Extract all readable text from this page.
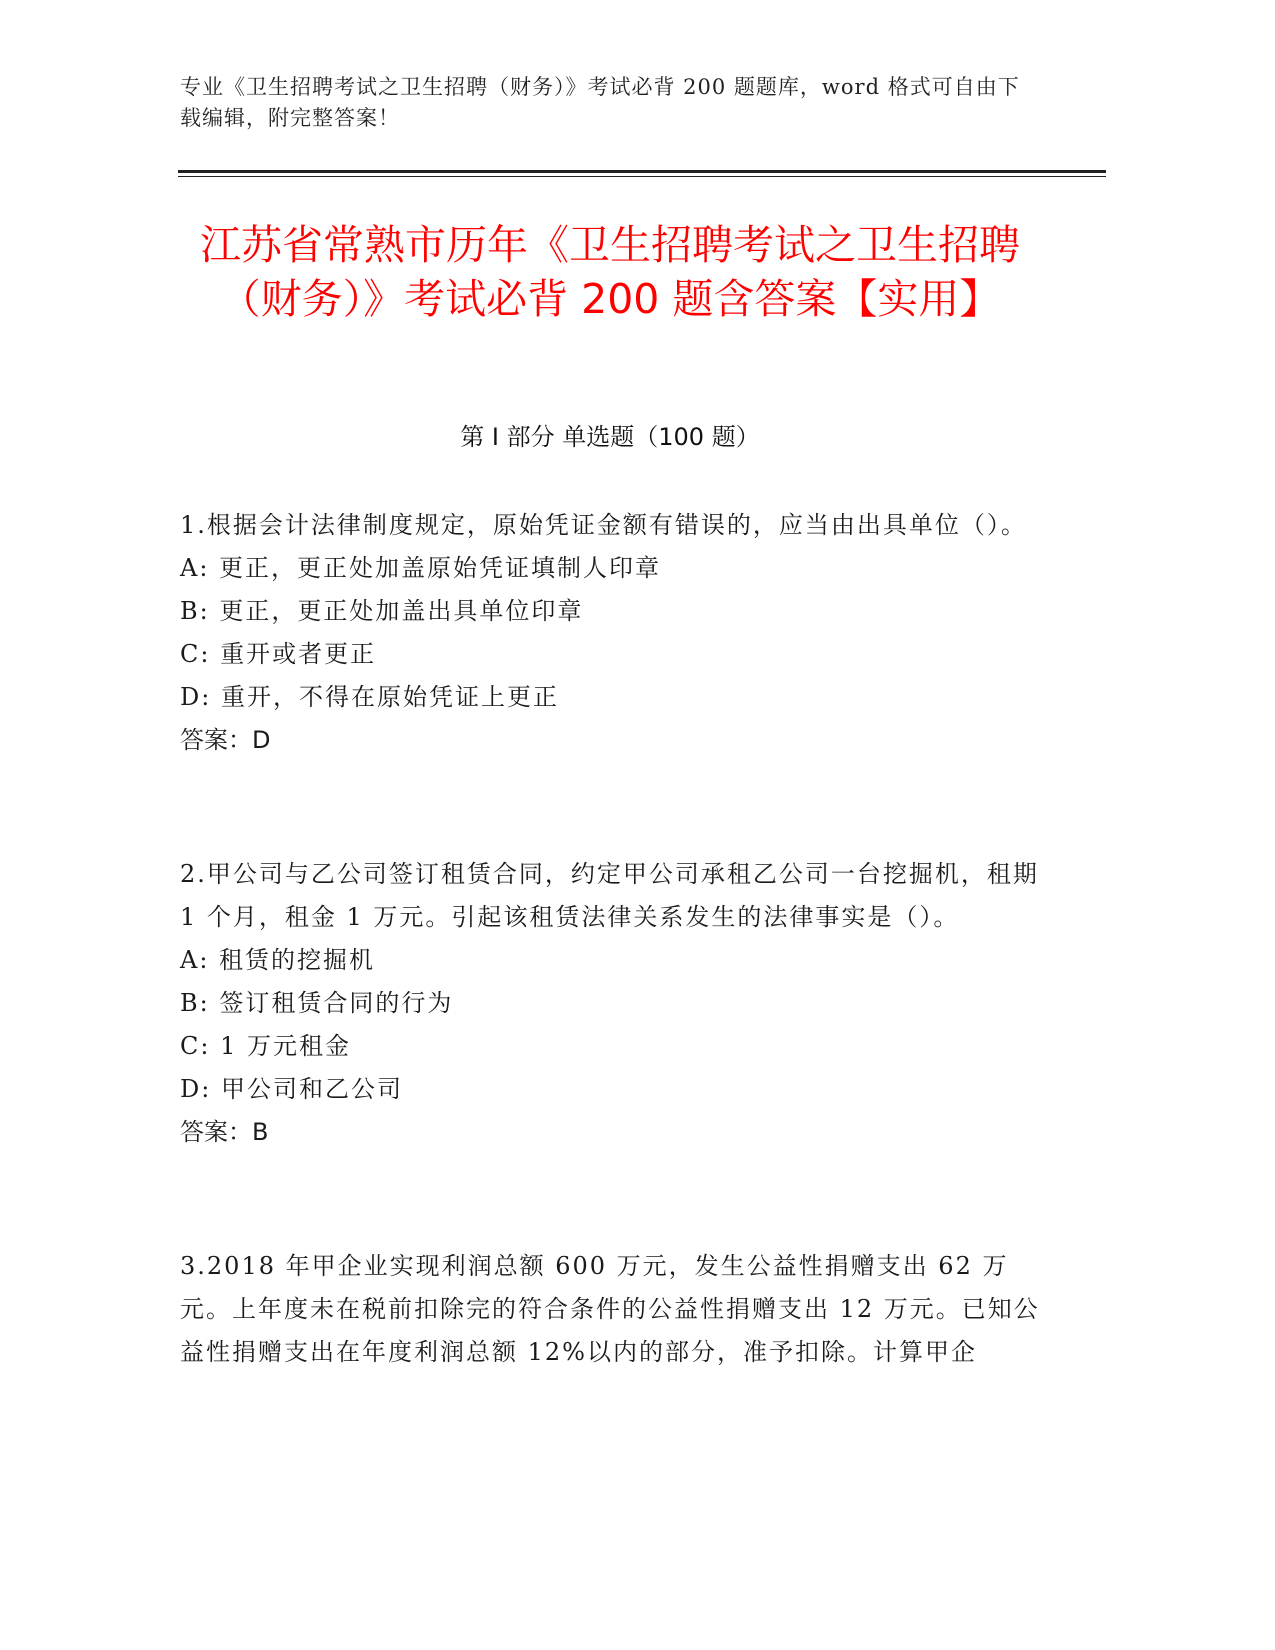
专业《卫生招聘考试之卫生招聘（财务）》考试必背 200 题题库，word 格式可自由下载编辑，附完整答案！
江苏省常熟市历年《卫生招聘考试之卫生招聘（财务）》考试必背 200 题含答案【实用】
第 I 部分 单选题（100 题）

1.根据会计法律制度规定，原始凭证金额有错误的，应当由出具单位（）。

A: 更正，更正处加盖原始凭证填制人印章

B: 更正，更正处加盖出具单位印章

C: 重开或者更正

D: 重开，不得在原始凭证上更正

答案：D

2.甲公司与乙公司签订租赁合同，约定甲公司承租乙公司一台挖掘机，租期 1 个月，租金 1 万元。引起该租赁法律关系发生的法律事实是（）。

A: 租赁的挖掘机

B: 签订租赁合同的行为

C: 1 万元租金

D: 甲公司和乙公司

答案：B

3.2018 年甲企业实现利润总额 600 万元，发生公益性捐赠支出 62 万元。上年度未在税前扣除完的符合条件的公益性捐赠支出 12 万元。已知公益性捐赠支出在年度利润总额 12%以内的部分，准予扣除。计算甲企
